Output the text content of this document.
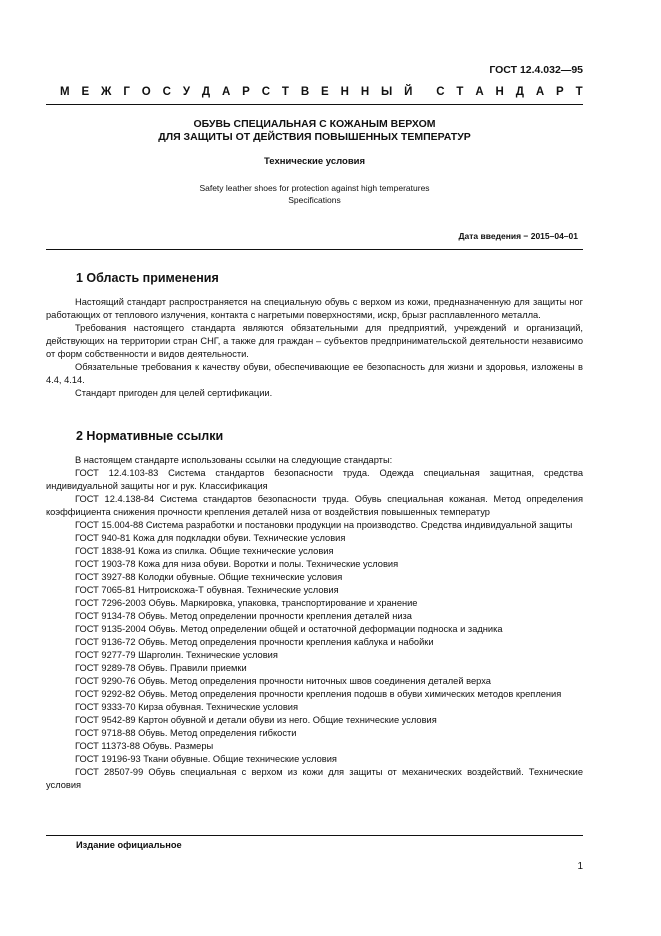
ГОСТ 12.4.032—95
М Е Ж Г О С У Д А Р С Т В Е Н Н Ы Й С Т А Н Д А Р Т
ОБУВЬ СПЕЦИАЛЬНАЯ С КОЖАНЫМ ВЕРХОМ
ДЛЯ ЗАЩИТЫ ОТ ДЕЙСТВИЯ ПОВЫШЕННЫХ ТЕМПЕРАТУР
Технические условия
Safety leather shoes for protection against high temperatures
Specifications
Дата введения − 2015–04–01
1 Область применения

Настоящий стандарт распространяется на специальную обувь с верхом из кожи, предназначенную для защиты ног работающих от теплового излучения, контакта с нагретыми поверхностями, искр, брызг расплавленного металла.

Требования настоящего стандарта являются обязательными для предприятий, учреждений и организаций, действующих на территории стран СНГ, а также для граждан – субъектов предпринимательской деятельности независимо от форм собственности и видов деятельности.

Обязательные требования к качеству обуви, обеспечивающие ее безопасность для жизни и здоровья, изложены в 4.4, 4.14.

Стандарт пригоден для целей сертификации.

2 Нормативные ссылки

В настоящем стандарте использованы ссылки на следующие стандарты:

ГОСТ 12.4.103-83 Система стандартов безопасности труда. Одежда специальная защитная, средства индивидуальной защиты ног и рук. Классификация

ГОСТ 12.4.138-84 Система стандартов безопасности труда. Обувь специальная кожаная. Метод определения коэффициента снижения прочности крепления деталей низа от воздействия повышенных температур

ГОСТ 15.004-88 Система разработки и постановки продукции на производство. Средства индивидуальной защиты

ГОСТ 940-81 Кожа для подкладки обуви. Технические условия

ГОСТ 1838-91 Кожа из спилка. Общие технические условия

ГОСТ 1903-78 Кожа для низа обуви. Воротки и полы. Технические условия

ГОСТ 3927-88 Колодки обувные. Общие технические условия

ГОСТ 7065-81 Нитроискожа-Т обувная. Технические условия

ГОСТ 7296-2003 Обувь. Маркировка, упаковка, транспортирование и хранение

ГОСТ 9134-78 Обувь. Метод определении прочности крепления деталей низа

ГОСТ 9135-2004 Обувь. Метод определении общей и остаточной деформации подноска и задника

ГОСТ 9136-72 Обувь. Метод определения прочности крепления каблука и набойки

ГОСТ 9277-79 Шарголин. Технические условия

ГОСТ 9289-78 Обувь. Правили приемки

ГОСТ 9290-76 Обувь. Метод определения прочности ниточных швов соединения деталей верха

ГОСТ 9292-82 Обувь. Метод определения прочности крепления подошв в обуви химических методов крепления

ГОСТ 9333-70 Кирза обувная. Технические условия

ГОСТ 9542-89 Картон обувной и детали обуви из него. Общие технические условия

ГОСТ 9718-88 Обувь. Метод определения гибкости

ГОСТ 11373-88 Обувь. Размеры

ГОСТ 19196-93 Ткани обувные. Общие технические условия

ГОСТ 28507-99 Обувь специальная с верхом из кожи для защиты от механических воздействий. Технические условия

Издание официальное
1
